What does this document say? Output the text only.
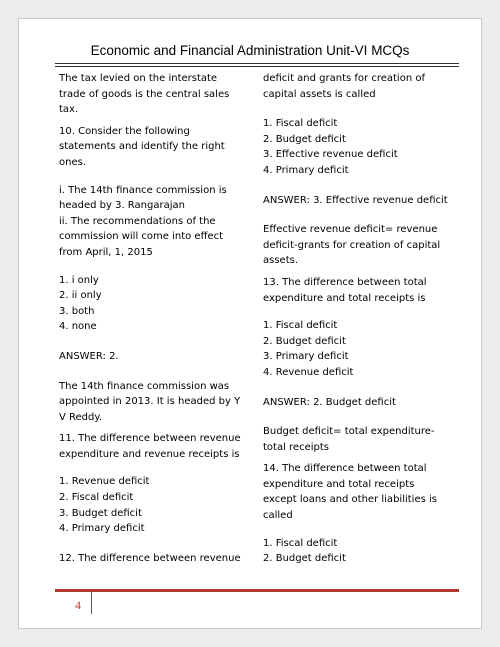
Economic and Financial Administration Unit-VI MCQs

The tax levied on the interstate trade of goods is the central sales tax.

10. Consider the following statements and identify the right ones.

i. The 14th finance commission is headed by 3. Rangarajan

ii. The recommendations of the commission will come into effect from April, 1, 2015

1. i only

2. ii only

3. both

4. none

ANSWER: 2.

The 14th finance commission was appointed in 2013. It is headed by Y V Reddy.

11. The difference between revenue expenditure and revenue receipts is

1. Revenue deficit

2. Fiscal deficit

3. Budget deficit

4. Primary deficit

12. The difference between revenue

deficit and grants for creation of capital assets is called

1. Fiscal deficit

2. Budget deficit

3. Effective revenue deficit

4. Primary deficit

ANSWER: 3. Effective revenue deficit

Effective revenue deficit= revenue deficit-grants for creation of capital assets.

13. The difference between total expenditure and total receipts is

1. Fiscal deficit

2. Budget deficit

3. Primary deficit

4. Revenue deficit

ANSWER: 2. Budget deficit

Budget deficit= total expenditure-total receipts

14. The difference between total expenditure and total receipts except loans and other liabilities is called

1. Fiscal deficit

2. Budget deficit

4
